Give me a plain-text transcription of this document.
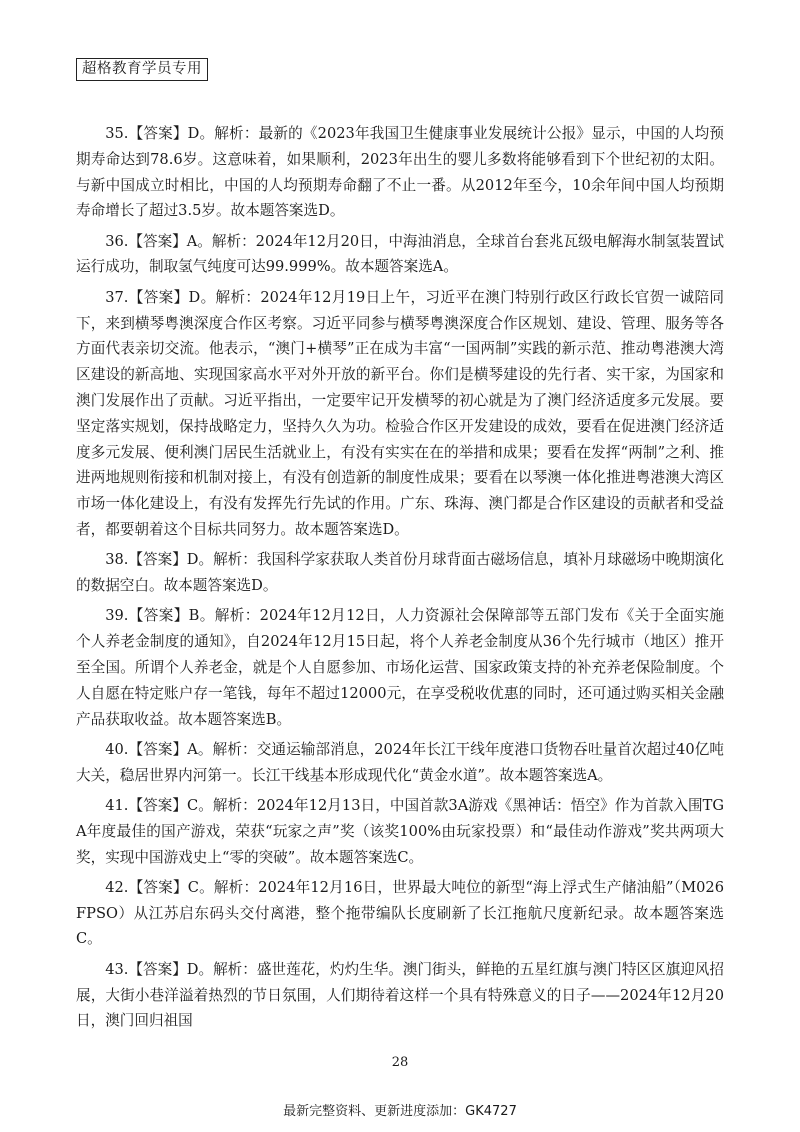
超格教育学员专用

35.【答案】D。解析：最新的《2023年我国卫生健康事业发展统计公报》显示，中国的人均预期寿命达到78.6岁。这意味着，如果顺利，2023年出生的婴儿多数将能够看到下个世纪初的太阳。与新中国成立时相比，中国的人均预期寿命翻了不止一番。从2012年至今，10余年间中国人均预期寿命增长了超过3.5岁。故本题答案选D。

36.【答案】A。解析：2024年12月20日，中海油消息，全球首台套兆瓦级电解海水制氢装置试运行成功，制取氢气纯度可达99.999%。故本题答案选A。

37.【答案】D。解析：2024年12月19日上午，习近平在澳门特别行政区行政长官贺一诚陪同下，来到横琴粤澳深度合作区考察。习近平同参与横琴粤澳深度合作区规划、建设、管理、服务等各方面代表亲切交流。他表示，“澳门+横琴”正在成为丰富“一国两制”实践的新示范、推动粤港澳大湾区建设的新高地、实现国家高水平对外开放的新平台。你们是横琴建设的先行者、实干家，为国家和澳门发展作出了贡献。习近平指出，一定要牢记开发横琴的初心就是为了澳门经济适度多元发展。要坚定落实规划，保持战略定力，坚持久久为功。检验合作区开发建设的成效，要看在促进澳门经济适度多元发展、便利澳门居民生活就业上，有没有实实在在的举措和成果；要看在发挥“两制”之利、推进两地规则衔接和机制对接上，有没有创造新的制度性成果；要看在以琴澳一体化推进粤港澳大湾区市场一体化建设上，有没有发挥先行先试的作用。广东、珠海、澳门都是合作区建设的贡献者和受益者，都要朝着这个目标共同努力。故本题答案选D。

38.【答案】D。解析：我国科学家获取人类首份月球背面古磁场信息，填补月球磁场中晚期演化的数据空白。故本题答案选D。

39.【答案】B。解析：2024年12月12日，人力资源社会保障部等五部门发布《关于全面实施个人养老金制度的通知》，自2024年12月15日起，将个人养老金制度从36个先行城市（地区）推开至全国。所谓个人养老金，就是个人自愿参加、市场化运营、国家政策支持的补充养老保险制度。个人自愿在特定账户存一笔钱，每年不超过12000元，在享受税收优惠的同时，还可通过购买相关金融产品获取收益。故本题答案选B。

40.【答案】A。解析：交通运输部消息，2024年长江干线年度港口货物吞吐量首次超过40亿吨大关，稳居世界内河第一。长江干线基本形成现代化“黄金水道”。故本题答案选A。

41.【答案】C。解析：2024年12月13日，中国首款3A游戏《黑神话：悟空》作为首款入围TGA年度最佳的国产游戏，荣获“玩家之声”奖（该奖100%由玩家投票）和“最佳动作游戏”奖共两项大奖，实现中国游戏史上“零的突破”。故本题答案选C。

42.【答案】C。解析：2024年12月16日，世界最大吨位的新型“海上浮式生产储油船”（M026 FPSO）从江苏启东码头交付离港，整个拖带编队长度刷新了长江拖航尺度新纪录。故本题答案选C。

43.【答案】D。解析：盛世莲花，灼灼生华。澳门街头，鲜艳的五星红旗与澳门特区区旗迎风招展，大街小巷洋溢着热烈的节日氛围，人们期待着这样一个具有特殊意义的日子——2024年12月20日，澳门回归祖国

28
最新完整资料、更新进度添加：GK4727
